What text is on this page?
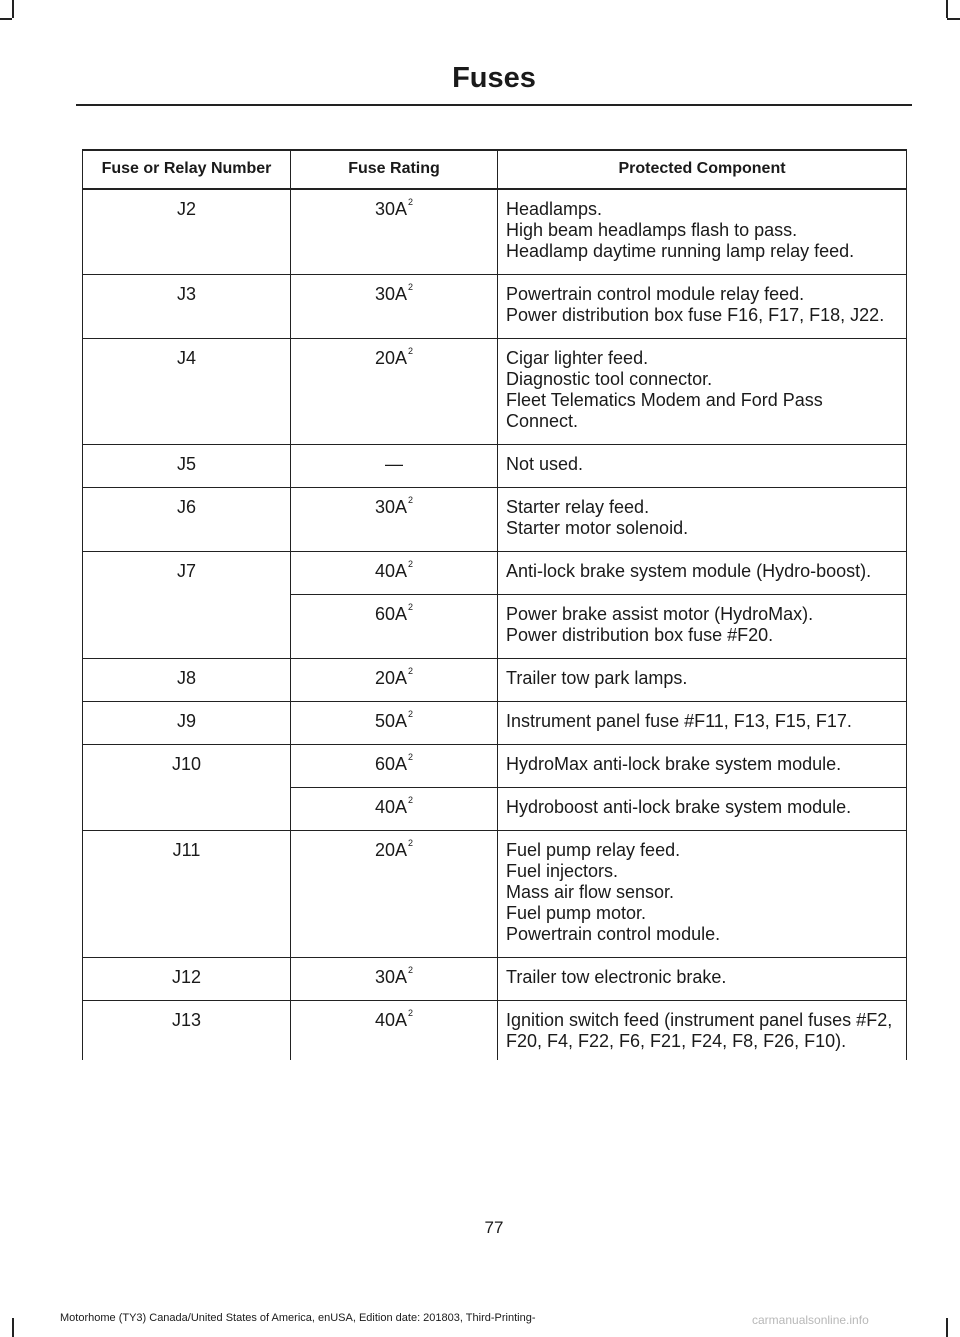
Fuses
Fuse or Relay Number	Fuse Rating	Protected Component
J2	$30A^2$	Headlamps.
High beam headlamps flash to pass.
Headlamp daytime running lamp relay feed.

J3	$30A^2$	Powertrain control module relay feed.
Power distribution box fuse F16, F17, F18, J22.

J4	$20A^2$	Cigar lighter feed.
Diagnostic tool connector.
Fleet Telematics Modem and Ford Pass Connect.

J5	—	Not used.

J6	$30A^2$	Starter relay feed.
Starter motor solenoid.

J7	$40A^2$	Anti-lock brake system module (Hydro-boost).

	$60A^2$	Power brake assist motor (HydroMax).
Power distribution box fuse #F20.

J8	$20A^2$	Trailer tow park lamps.

J9	$50A^2$	Instrument panel fuse #F11, F13, F15, F17.

J10	$60A^2$	HydroMax anti-lock brake system module.

	$40A^2$	Hydroboost anti-lock brake system module.

J11	$20A^2$	Fuel pump relay feed.
Fuel injectors.
Mass air flow sensor.
Fuel pump motor.
Powertrain control module.

J12	$30A^2$	Trailer tow electronic brake.

J13	$40A^2$	Ignition switch feed (instrument panel fuses #F2, F20, F4, F22, F6, F21, F24, F8, F26, F10).
77
Motorhome (TY3) Canada/United States of America, enUSA, Edition date: 201803, Third-Printing-	carmanualsonline.info
